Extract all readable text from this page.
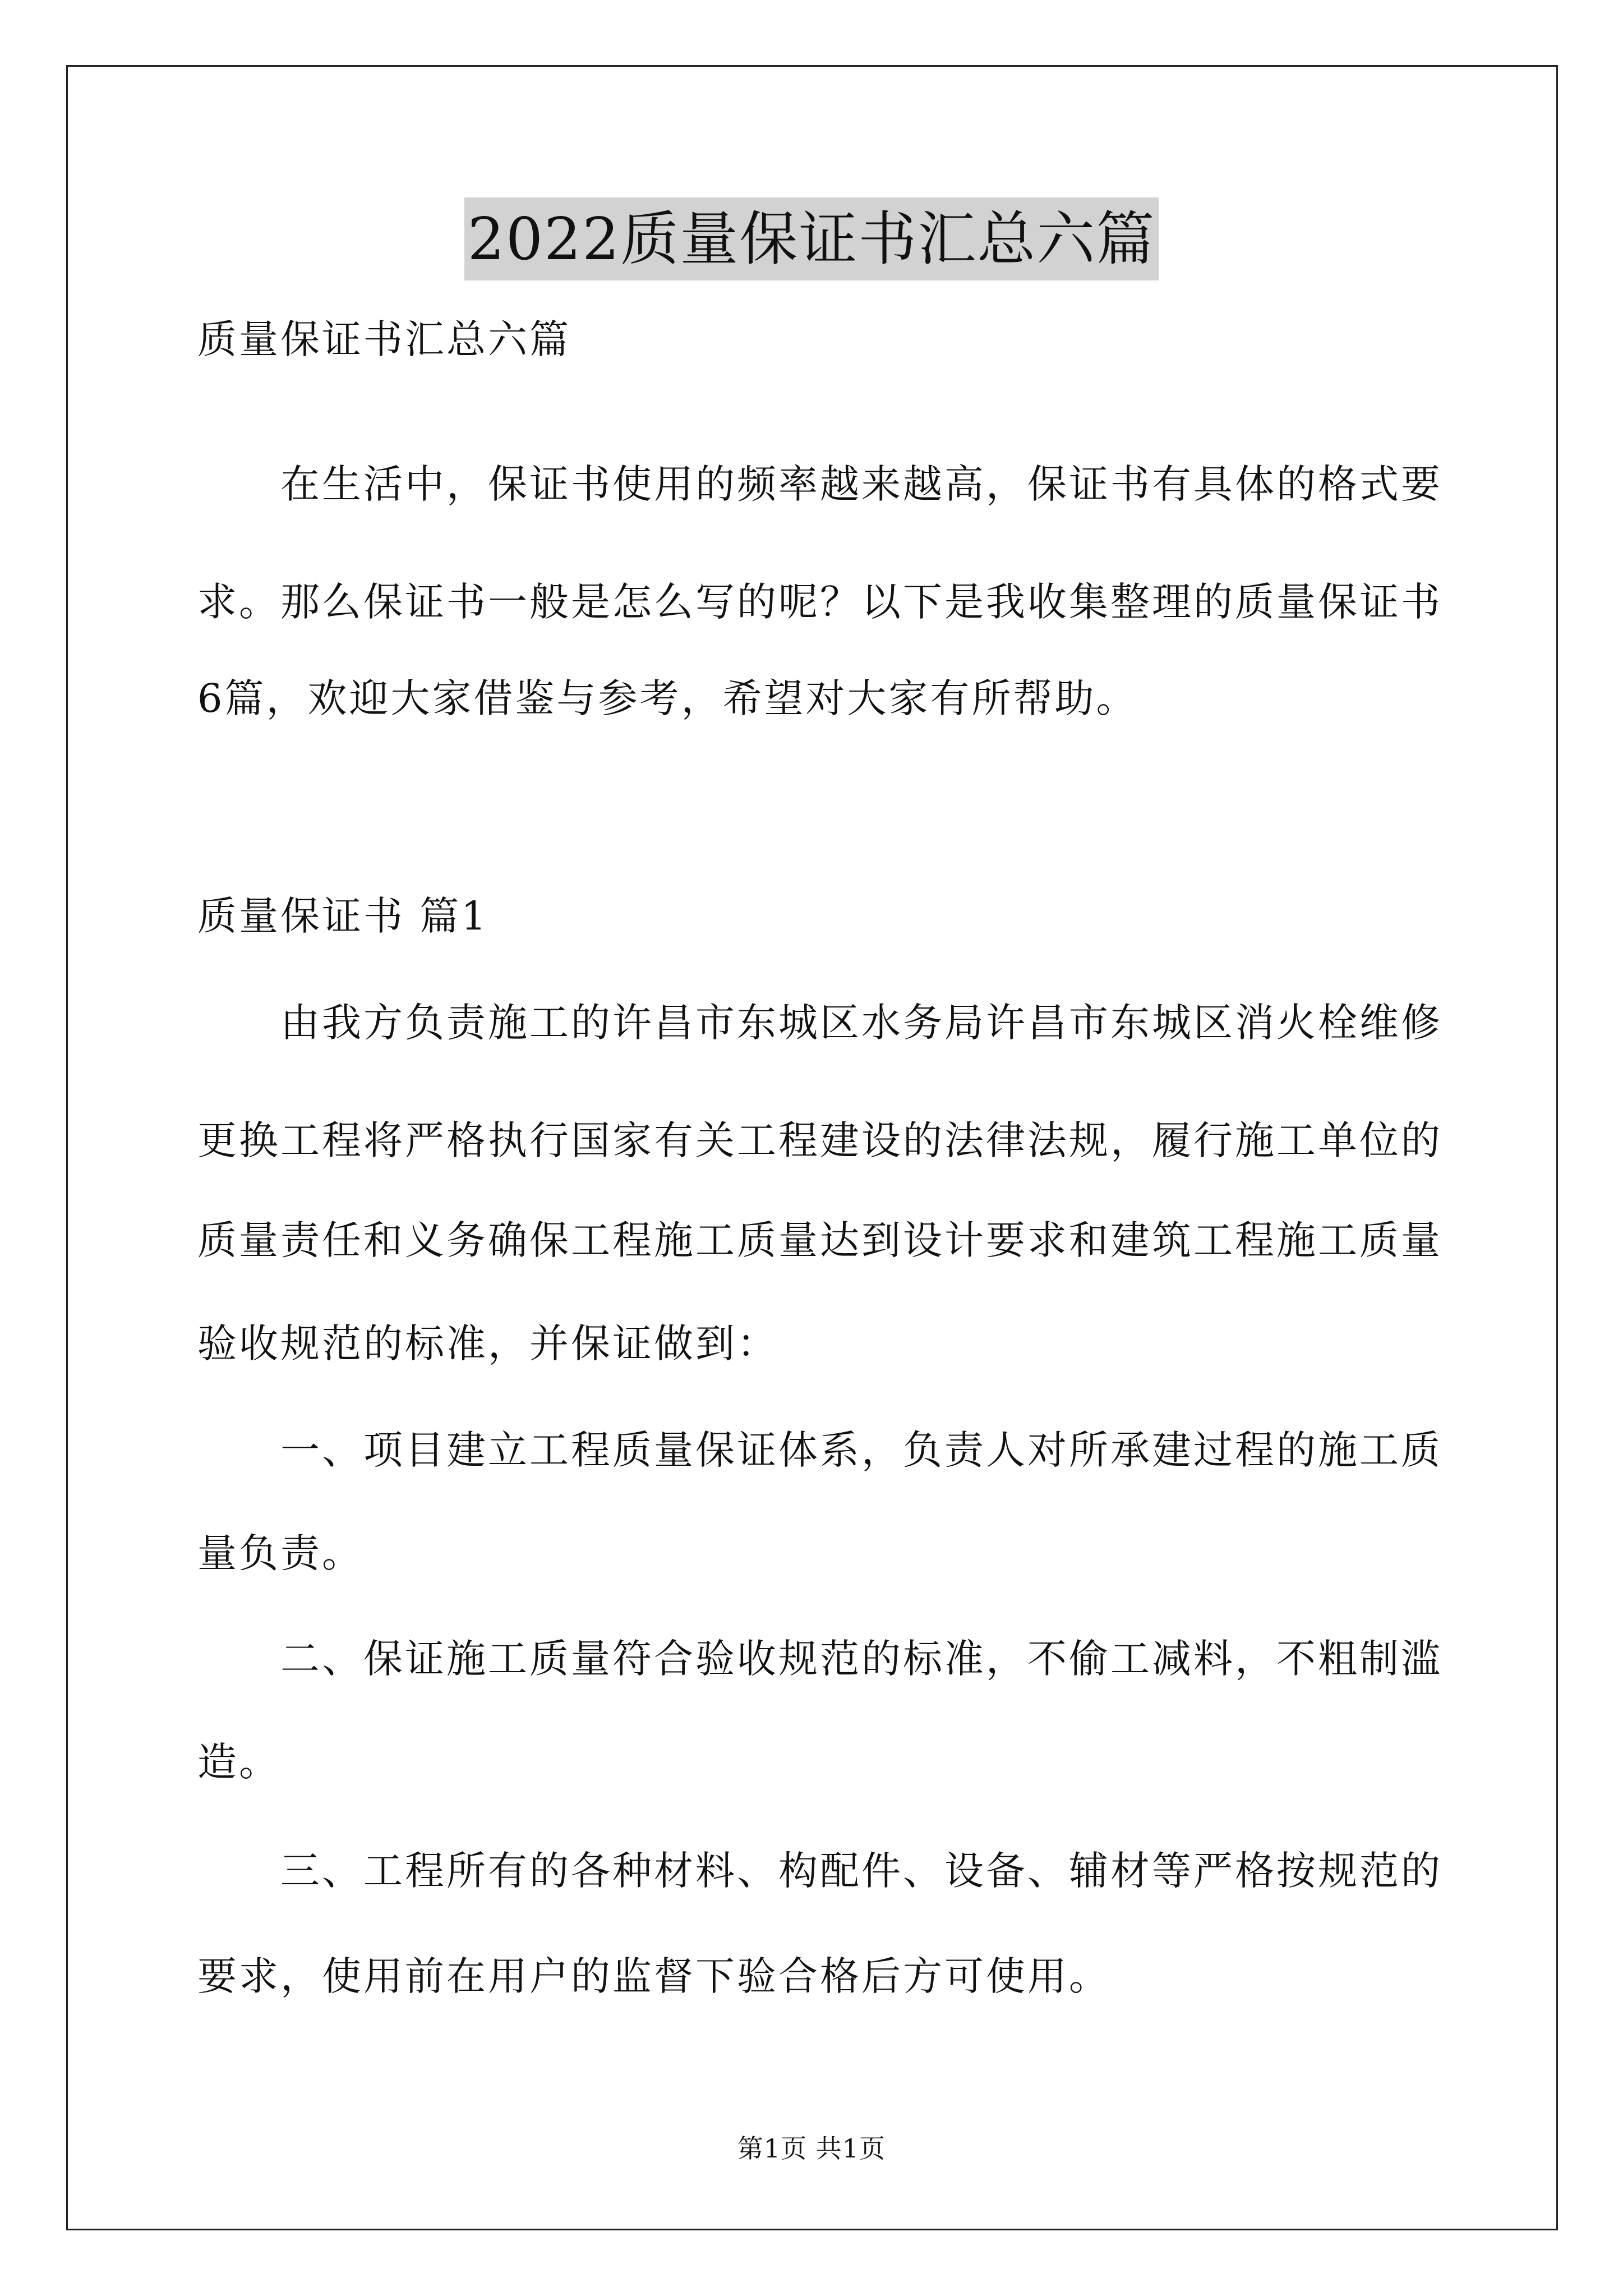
2022质量保证书汇总六篇
质量保证书汇总六篇
在生活中，保证书使用的频率越来越高，保证书有具体的格式要
求。那么保证书一般是怎么写的呢？以下是我收集整理的质量保证书
6篇，欢迎大家借鉴与参考，希望对大家有所帮助。
质量保证书 篇1
由我方负责施工的许昌市东城区水务局许昌市东城区消火栓维修
更换工程将严格执行国家有关工程建设的法律法规，履行施工单位的
质量责任和义务确保工程施工质量达到设计要求和建筑工程施工质量
验收规范的标准，并保证做到：
一、项目建立工程质量保证体系，负责人对所承建过程的施工质
量负责。
二、保证施工质量符合验收规范的标准，不偷工减料，不粗制滥
造。
三、工程所有的各种材料、构配件、设备、辅材等严格按规范的
要求，使用前在用户的监督下验合格后方可使用。
第1页 共1页
